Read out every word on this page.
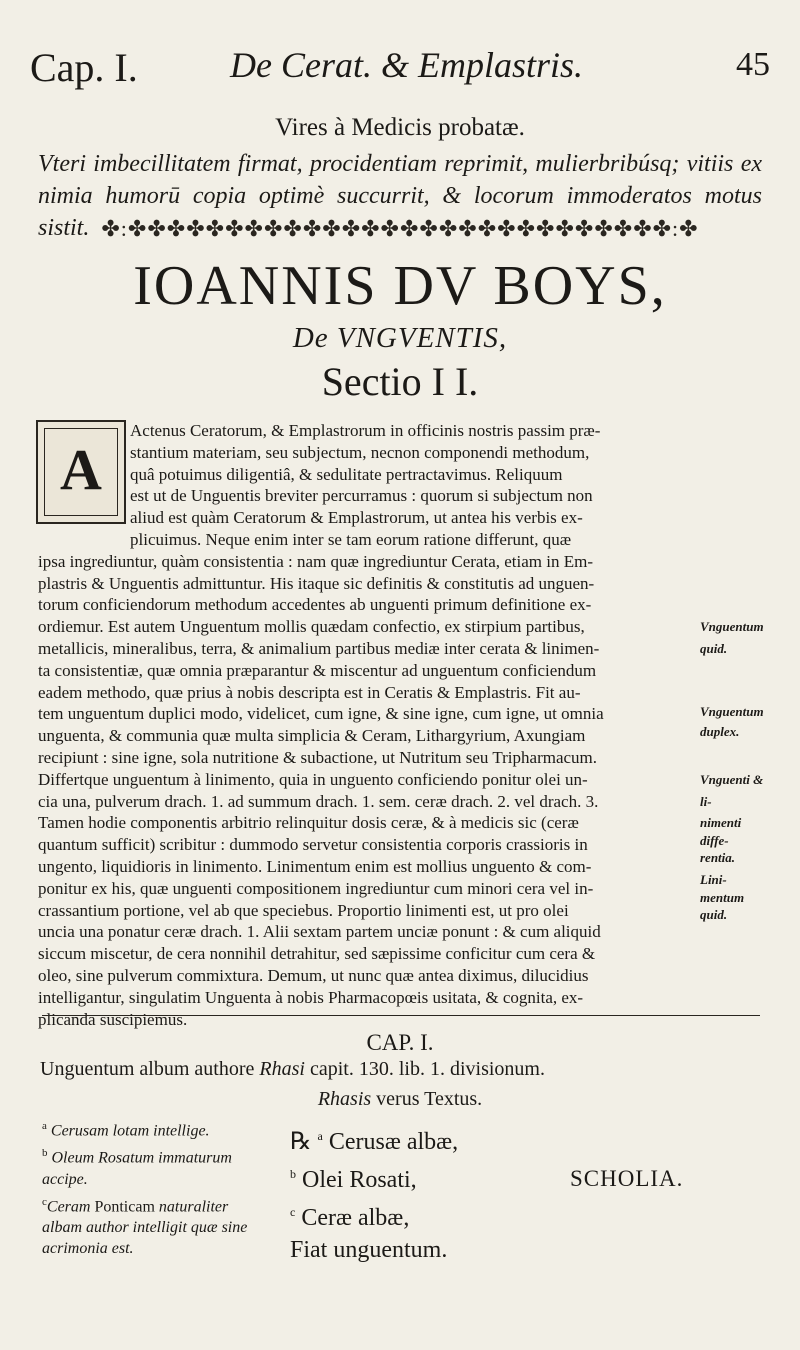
Cap. I.	De Cerat. & Emplastris.	45
Vires à Medicis probatæ.
Vteri imbecillitatem firmat, procidentiam reprimit, mulierbribúsq; vitiis ex nimia humorū copia optimè succurrit, & locorum immoderatos motus sistit. ✤:✤✤✤✤✤✤✤✤✤✤✤✤✤✤✤✤✤✤✤✤✤✤✤✤✤✤✤✤:✤
IOANNIS DV BOYS,
De VNGVENTIS,
Sectio I I.
A
Actenus Ceratorum, & Emplastrorum in officinis nostris passim præ-
stantium materiam, seu subjectum, necnon componendi methodum,
quâ potuimus diligentiâ, & sedulitate pertractavimus. Reliquum
est ut de Unguentis breviter percurramus : quorum si subjectum non
aliud est quàm Ceratorum & Emplastrorum, ut antea his verbis ex-
plicuimus. Neque enim inter se tam eorum ratione differunt, quæ
ipsa ingrediuntur, quàm consistentia : nam quæ ingrediuntur Cerata, etiam in Em-
plastris & Unguentis admittuntur. His itaque sic definitis & constitutis ad unguen-
torum conficiendorum methodum accedentes ab unguenti primum definitione ex-
ordiemur. Est autem Unguentum mollis quædam confectio, ex stirpium partibus,
metallicis, mineralibus, terra, & animalium partibus mediæ inter cerata & linimen-
ta consistentiæ, quæ omnia præparantur & miscentur ad unguentum conficiendum
eadem methodo, quæ prius à nobis descripta est in Ceratis & Emplastris. Fit au-
tem unguentum duplici modo, videlicet, cum igne, & sine igne, cum igne, ut omnia
unguenta, & communia quæ multa simplicia & Ceram, Lithargyrium, Axungiam
recipiunt : sine igne, sola nutritione & subactione, ut Nutritum seu Tripharmacum.
Differtque unguentum à linimento, quia in unguento conficiendo ponitur olei un-
cia una, pulverum drach. 1. ad summum drach. 1. sem. ceræ drach. 2. vel drach. 3.
Tamen hodie componentis arbitrio relinquitur dosis ceræ, & à medicis sic (ceræ
quantum sufficit) scribitur : dummodo servetur consistentia corporis crassioris in
ungento, liquidioris in linimento. Linimentum enim est mollius unguento & com-
ponitur ex his, quæ unguenti compositionem ingrediuntur cum minori cera vel in-
crassantium portione, vel ab que speciebus. Proportio linimenti est, ut pro olei
uncia una ponatur ceræ drach. 1. Alii sextam partem unciæ ponunt : & cum aliquid
siccum miscetur, de cera nonnihil detrahitur, sed sæpissime conficitur cum cera &
oleo, sine pulverum commixtura. Demum, ut nunc quæ antea diximus, dilucidius
intelligantur, singulatim Unguenta à nobis Pharmacopœis usitata, & cognita, ex-
plicanda suscipiemus.
Vnguentum
quid.
Vnguentum
duplex.
Vnguenti &
li-
nimenti
diffe-
rentia.
Lini-
mentum
quid.
CAP. I.
Unguentum album authore Rhasi capit. 130. lib. 1. divisionum.
Rhasis verus Textus.
$^a$ Cerusam lotam intellige.
$^b$ Oleum Rosatum immaturum accipe.
$^c$Ceram Ponticam naturaliter albam author intelligit quæ sine acrimonia est.
℞ $^a$ Cerusæ albæ,
$^b$ Olei Rosati,
$^c$ Ceræ albæ,
Fiat unguentum.
SCHOLIA.
